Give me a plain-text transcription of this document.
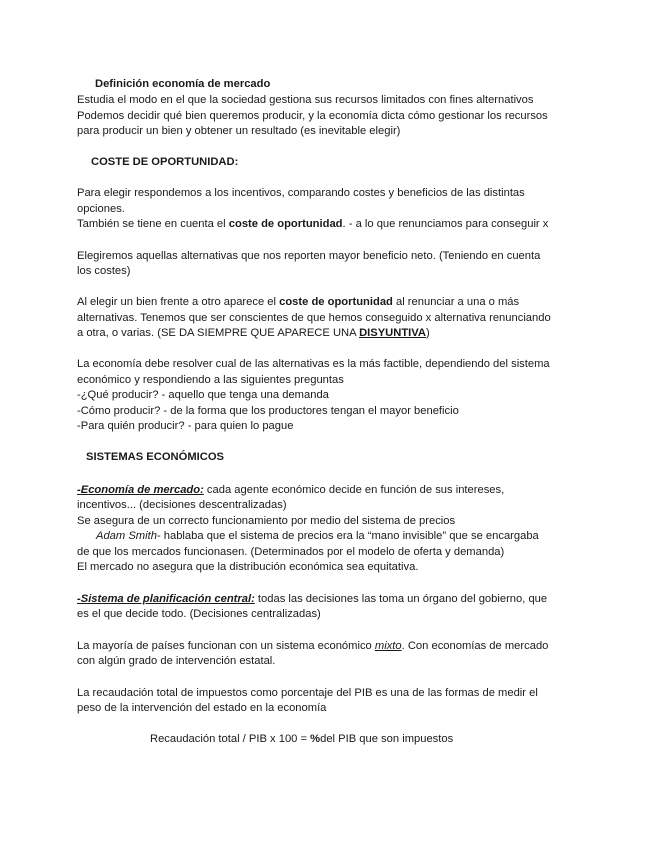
Definición economía de mercado
Estudia el modo en el que la sociedad gestiona sus recursos limitados con fines alternativos
Podemos decidir qué bien queremos producir, y la economía dicta cómo gestionar los recursos
para producir un bien y obtener un resultado (es inevitable elegir)
COSTE DE OPORTUNIDAD:
Para elegir respondemos a los incentivos, comparando costes y beneficios de las distintas
opciones.
También se tiene en cuenta el coste de oportunidad. - a lo que renunciamos para conseguir x
Elegiremos aquellas alternativas que nos reporten mayor beneficio neto. (Teniendo en cuenta
los costes)
Al elegir un bien frente a otro aparece el coste de oportunidad al renunciar a una o más
alternativas. Tenemos que ser conscientes de que hemos conseguido x alternativa renunciando
a otra, o varias. (SE DA SIEMPRE QUE APARECE UNA DISYUNTIVA)
La economía debe resolver cual de las alternativas es la más factible, dependiendo del sistema
económico y respondiendo a las siguientes preguntas
-¿Qué producir? - aquello que tenga una demanda
-Cómo producir? - de la forma que los productores tengan el mayor beneficio
-Para quién producir? - para quien lo pague
SISTEMAS ECONÓMICOS
-Economía de mercado: cada agente económico decide en función de sus intereses,
incentivos... (decisiones descentralizadas)
Se asegura de un correcto funcionamiento por medio del sistema de precios
Adam Smith- hablaba que el sistema de precios era la “mano invisible” que se encargaba
de que los mercados funcionasen. (Determinados por el modelo de oferta y demanda)
El mercado no asegura que la distribución económica sea equitativa.
-Sistema de planificación central: todas las decisiones las toma un órgano del gobierno, que
es el que decide todo. (Decisiones centralizadas)
La mayoría de países funcionan con un sistema económico mixto. Con economías de mercado
con algún grado de intervención estatal.
La recaudación total de impuestos como porcentaje del PIB es una de las formas de medir el
peso de la intervención del estado en la economía
Recaudación total / PIB x 100 = %del PIB que son impuestos
